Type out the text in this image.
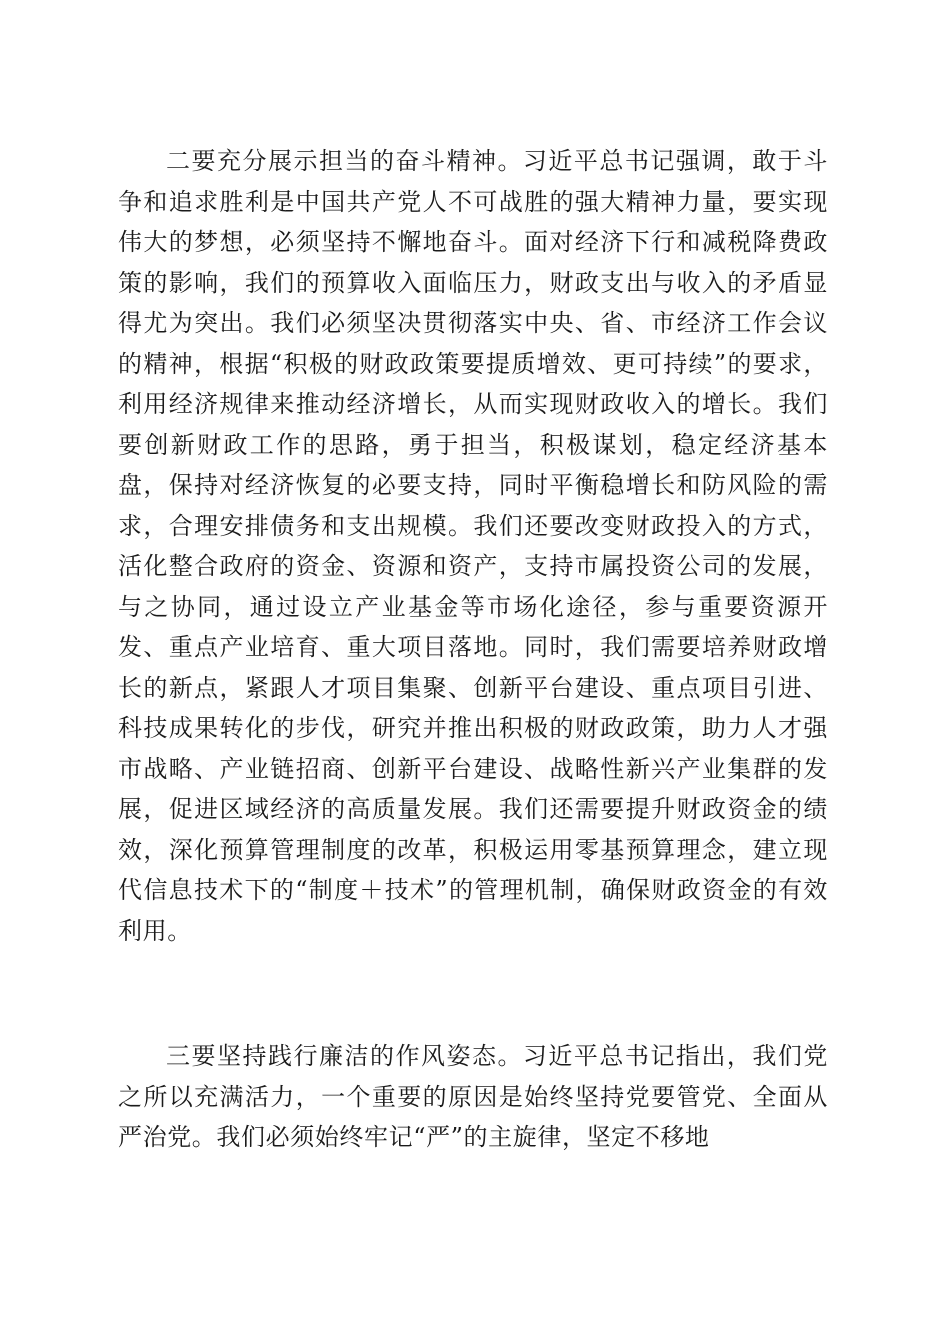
二要充分展示担当的奋斗精神。习近平总书记强调，敢于斗争和追求胜利是中国共产党人不可战胜的强大精神力量，要实现伟大的梦想，必须坚持不懈地奋斗。面对经济下行和减税降费政策的影响，我们的预算收入面临压力，财政支出与收入的矛盾显得尤为突出。我们必须坚决贯彻落实中央、省、市经济工作会议的精神，根据“积极的财政政策要提质增效、更可持续”的要求，利用经济规律来推动经济增长，从而实现财政收入的增长。我们要创新财政工作的思路，勇于担当，积极谋划，稳定经济基本盘，保持对经济恢复的必要支持，同时平衡稳增长和防风险的需求，合理安排债务和支出规模。我们还要改变财政投入的方式，活化整合政府的资金、资源和资产，支持市属投资公司的发展，与之协同，通过设立产业基金等市场化途径，参与重要资源开发、重点产业培育、重大项目落地。同时，我们需要培养财政增长的新点，紧跟人才项目集聚、创新平台建设、重点项目引进、科技成果转化的步伐，研究并推出积极的财政政策，助力人才强市战略、产业链招商、创新平台建设、战略性新兴产业集群的发展，促进区域经济的高质量发展。我们还需要提升财政资金的绩效，深化预算管理制度的改革，积极运用零基预算理念，建立现代信息技术下的“制度＋技术”的管理机制，确保财政资金的有效利用。

三要坚持践行廉洁的作风姿态。习近平总书记指出，我们党之所以充满活力，一个重要的原因是始终坚持党要管党、全面从严治党。我们必须始终牢记“严”的主旋律，坚定不移地
